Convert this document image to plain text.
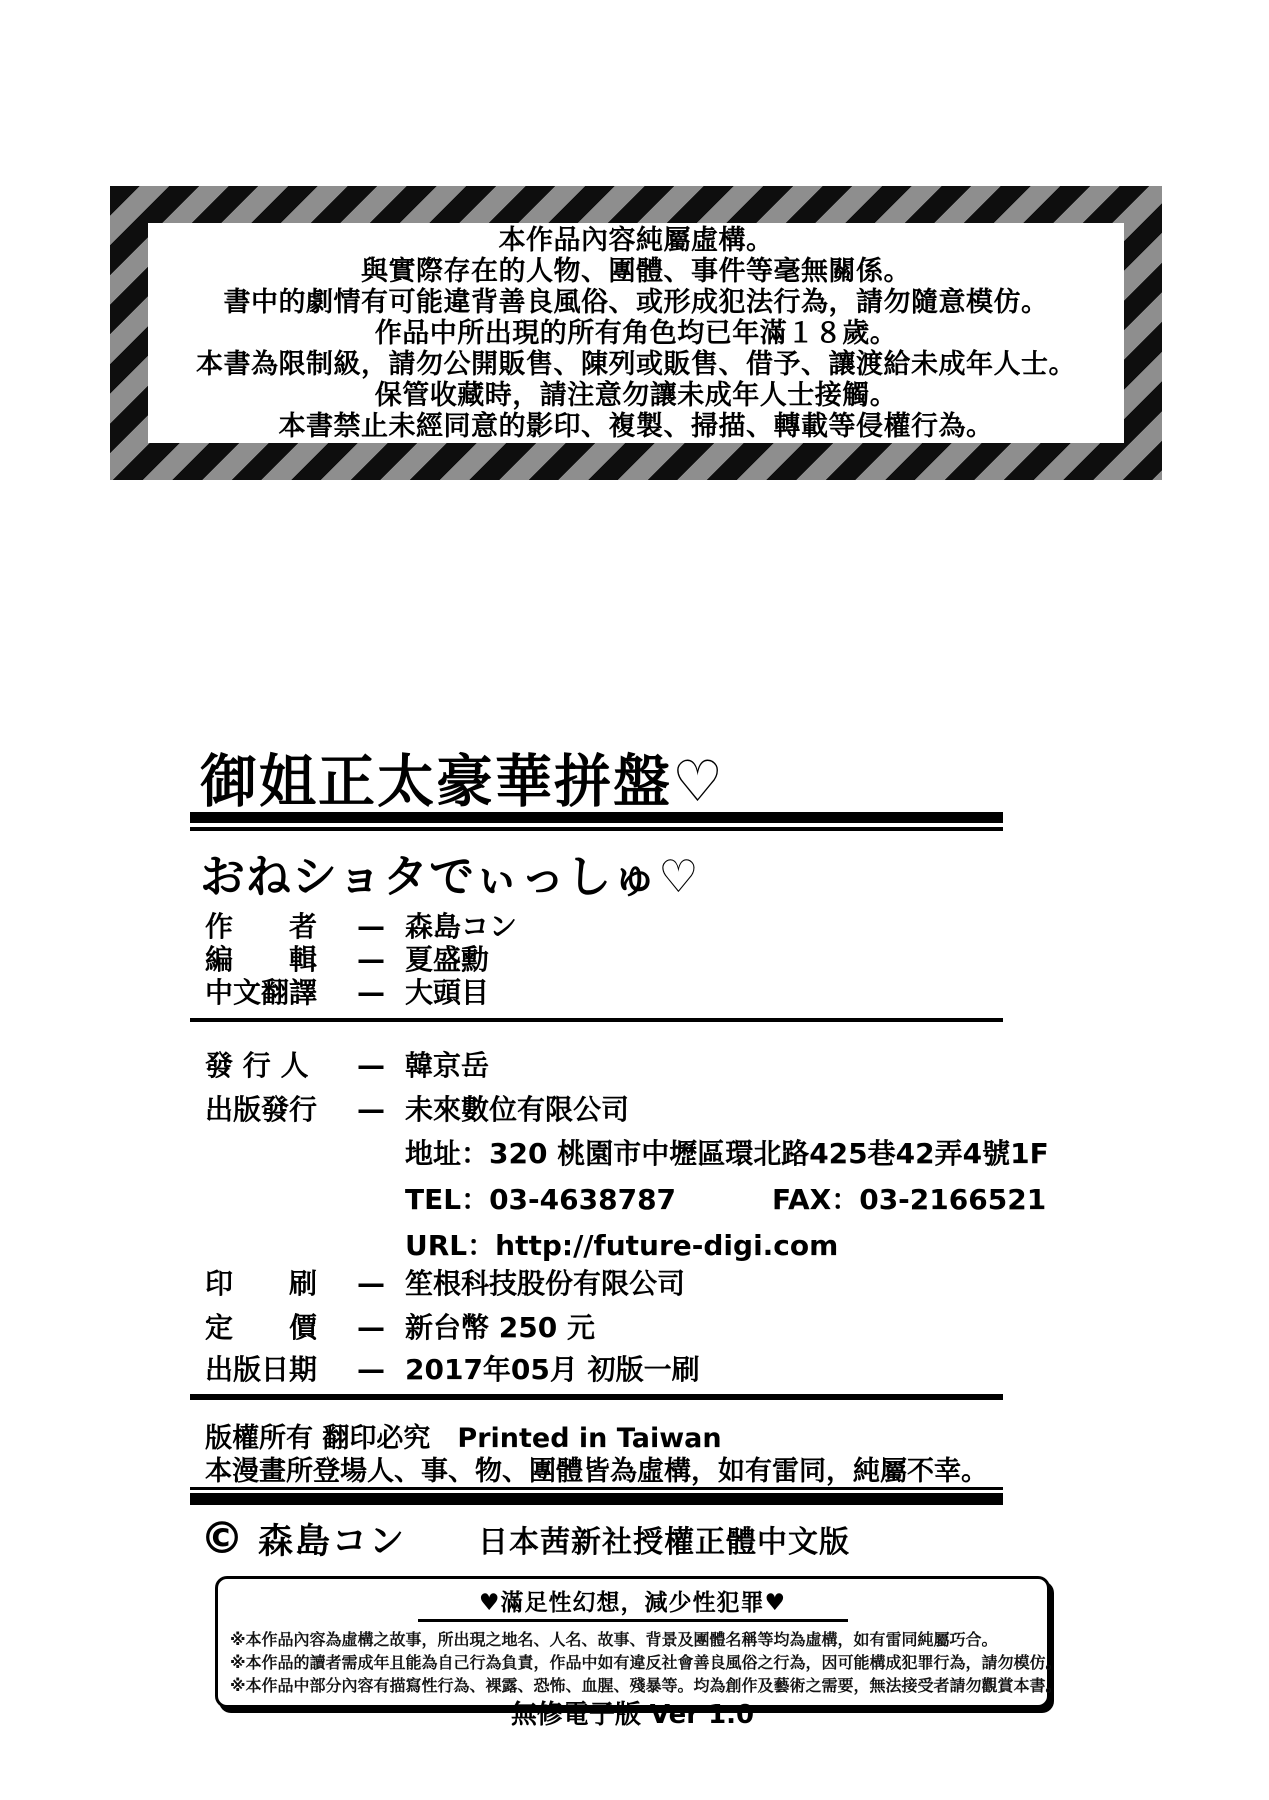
本作品內容純屬虛構。
與實際存在的人物、團體、事件等毫無關係。
書中的劇情有可能違背善良風俗、或形成犯法行為，請勿隨意模仿。
作品中所出現的所有角色均已年滿１８歲。
本書為限制級，請勿公開販售、陳列或販售、借予、讓渡給未成年人士。
保管收藏時，請注意勿讓未成年人士接觸。
本書禁止未經同意的影印、複製、掃描、轉載等侵權行為。
御姐正太豪華拼盤♡
おねショタでぃっしゅ♡
作　　者	— 森島コン
編　　輯	— 夏盛勳
中文翻譯	— 大頭目
發 行 人	— 韓京岳
出版發行	— 未來數位有限公司
地址：320 桃園市中壢區環北路425巷42弄4號1F
TEL：03-4638787	FAX：03-2166521
URL：http://future-digi.com
印　　刷	— 笙根科技股份有限公司
定　　價	— 新台幣 250 元
出版日期	— 2017年05月 初版一刷
版權所有 翻印必究　Printed in Taiwan
本漫畫所登場人、事、物、團體皆為虛構，如有雷同，純屬不幸。
© 森島コン 日本茜新社授權正體中文版
♥滿足性幻想，減少性犯罪♥
※本作品內容為虛構之故事，所出現之地名、人名、故事、背景及團體名稱等均為虛構，如有雷同純屬巧合。
※本作品的讀者需成年且能為自己行為負責，作品中如有違反社會善良風俗之行為，因可能構成犯罪行為，請勿模仿。
※本作品中部分內容有描寫性行為、裸露、恐怖、血腥、殘暴等。均為創作及藝術之需要，無法接受者請勿觀賞本書。
無修電子版 Ver 1.0
